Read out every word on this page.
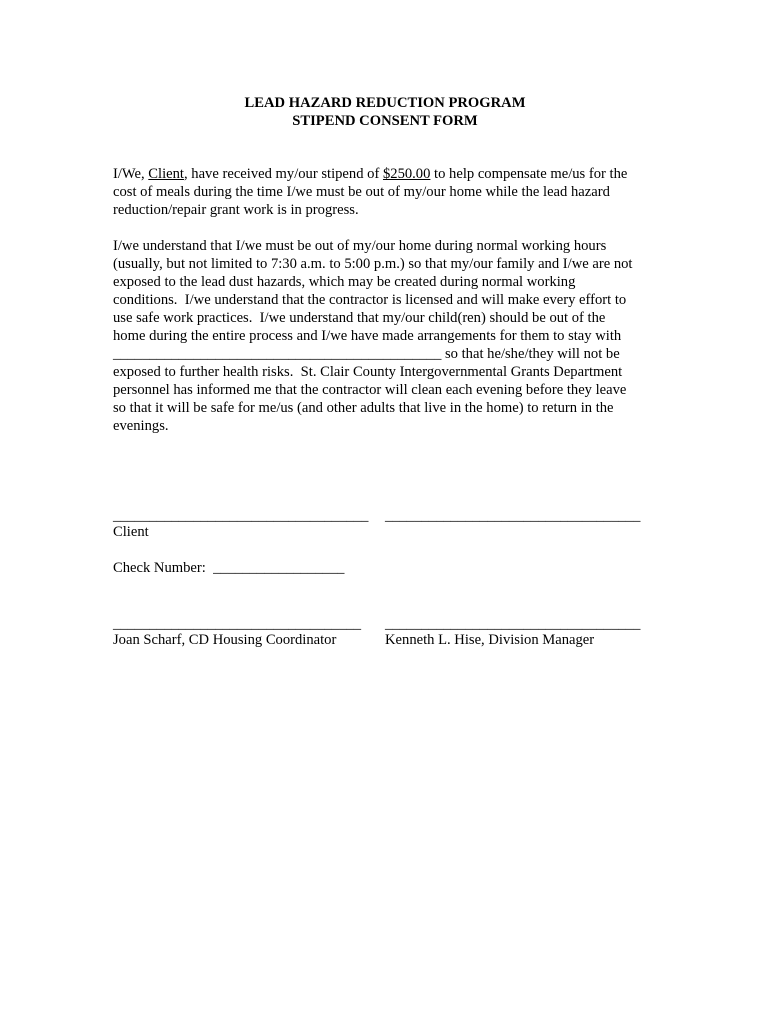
LEAD HAZARD REDUCTION PROGRAM
STIPEND CONSENT FORM
I/We, Client, have received my/our stipend of $250.00 to help compensate me/us for the
cost of meals during the time I/we must be out of my/our home while the lead hazard
reduction/repair grant work is in progress.
I/we understand that I/we must be out of my/our home during normal working hours
(usually, but not limited to 7:30 a.m. to 5:00 p.m.) so that my/our family and I/we are not
exposed to the lead dust hazards, which may be created during normal working
conditions.  I/we understand that the contractor is licensed and will make every effort to
use safe work practices.  I/we understand that my/our child(ren) should be out of the
home during the entire process and I/we have made arrangements for them to stay with
_____________________________________________ so that he/she/they will not be
exposed to further health risks.  St. Clair County Intergovernmental Grants Department
personnel has informed me that the contractor will clean each evening before they leave
so that it will be safe for me/us (and other adults that live in the home) to return in the
evenings.
___________________________________ ___________________________________
Client
Check Number:  __________________
__________________________________ ___________________________________
Joan Scharf, CD Housing Coordinator	Kenneth L. Hise, Division Manager
